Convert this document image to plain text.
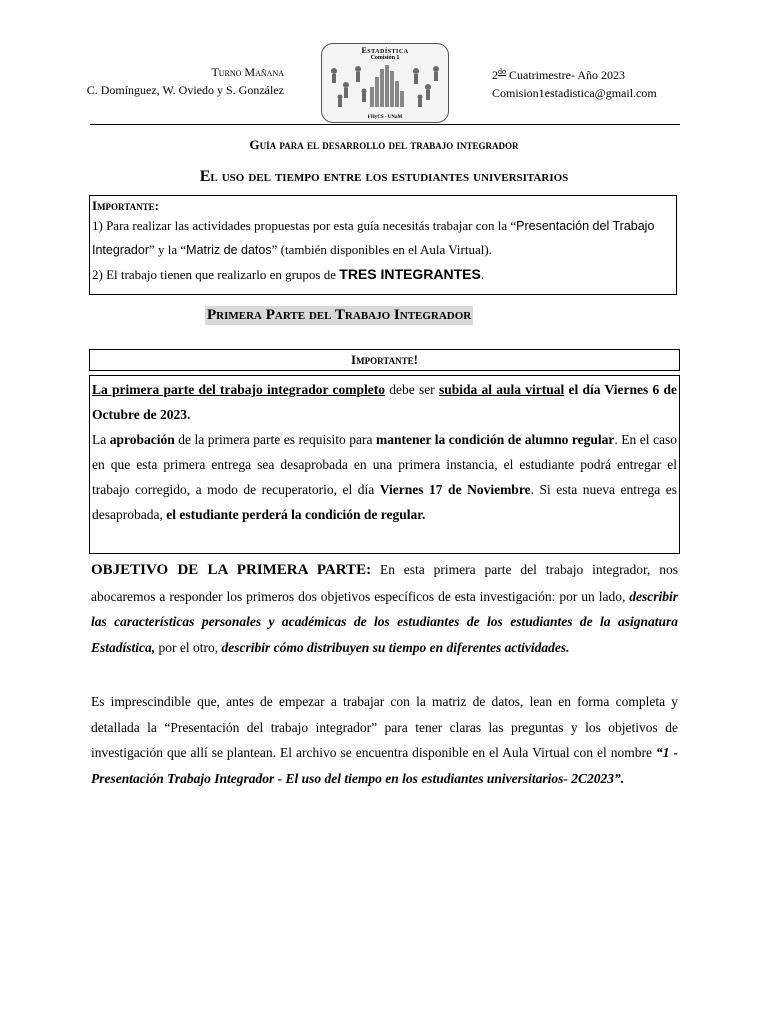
Turno Mañana
C. Domínguez, W. Oviedo y S. González
Estadística
Comisión 1
FHyCS - UNaM
$2^{do}$ Cuatrimestre- Año 2023
Comision1estadistica@gmail.com
Guía para el desarrollo del trabajo integrador
El uso del tiempo entre los estudiantes universitarios
Importante:

1) Para realizar las actividades propuestas por esta guía necesitás trabajar con la “Presentación del Trabajo Integrador” y la “Matriz de datos” (también disponibles en el Aula Virtual).

2) El trabajo tienen que realizarlo en grupos de TRES INTEGRANTES.

Primera Parte del Trabajo Integrador
Importante!

La primera parte del trabajo integrador completo debe ser subida al aula virtual el día Viernes 6 de Octubre de 2023.

La aprobación de la primera parte es requisito para mantener la condición de alumno regular. En el caso en que esta primera entrega sea desaprobada en una primera instancia, el estudiante podrá entregar el trabajo corregido, a modo de recuperatorio, el día Viernes 17 de Noviembre. Si esta nueva entrega es desaprobada, el estudiante perderá la condición de regular.

OBJETIVO DE LA PRIMERA PARTE: En esta primera parte del trabajo integrador, nos abocaremos a responder los primeros dos objetivos específicos de esta investigación: por un lado, describir las características personales y académicas de los estudiantes de los estudiantes de la asignatura Estadística, por el otro, describir cómo distribuyen su tiempo en diferentes actividades.

Es imprescindible que, antes de empezar a trabajar con la matriz de datos, lean en forma completa y detallada la “Presentación del trabajo integrador” para tener claras las preguntas y los objetivos de investigación que allí se plantean. El archivo se encuentra disponible en el Aula Virtual con el nombre “1 - Presentación Trabajo Integrador - El uso del tiempo en los estudiantes universitarios- 2C2023”.
